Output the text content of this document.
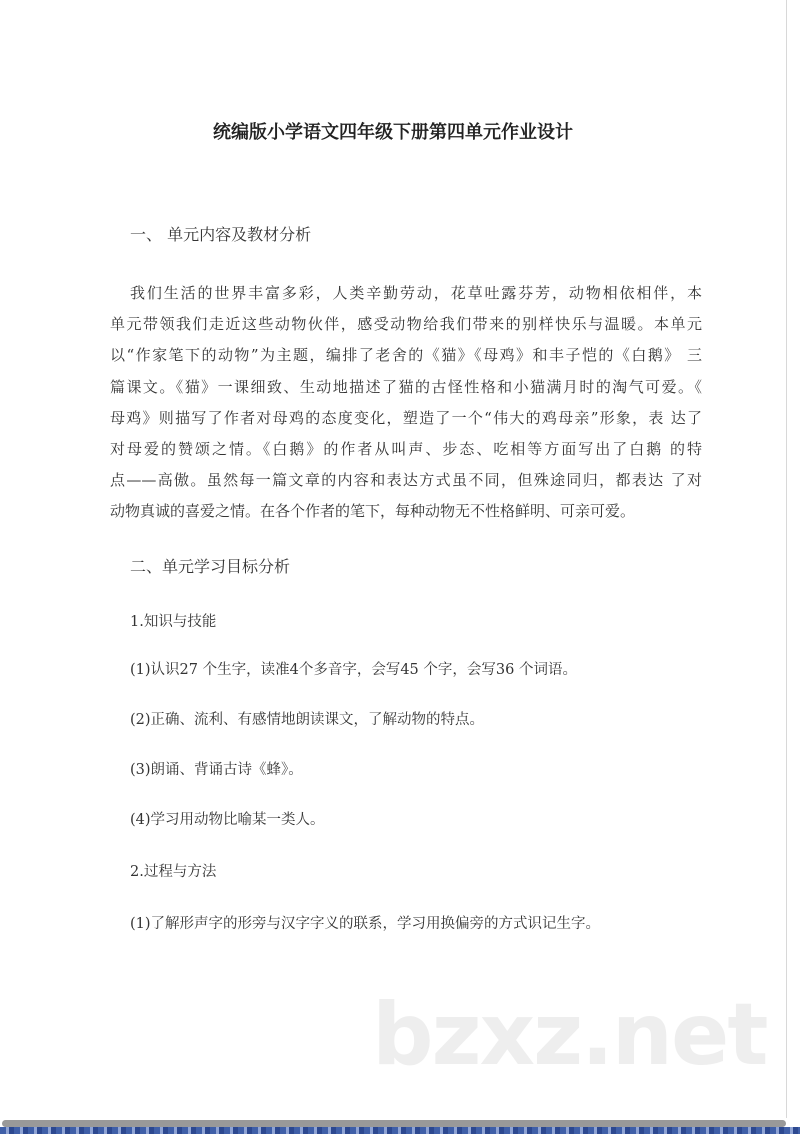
统编版小学语文四年级下册第四单元作业设计
一、 单元内容及教材分析
我们生活的世界丰富多彩，人类辛勤劳动，花草吐露芬芳，动物相依相伴，本
单元带领我们走近这些动物伙伴，感受动物给我们带来的别样快乐与温暖。本单元
以“作家笔下的动物”为主题，编排了老舍的《猫》《母鸡》和丰子恺的《白鹅》 三
篇课文。《猫》一课细致、生动地描述了猫的古怪性格和小猫满月时的淘气可爱。《
母鸡》则描写了作者对母鸡的态度变化，塑造了一个“伟大的鸡母亲”形象，表 达了
对母爱的赞颂之情。《白鹅》的作者从叫声、步态、吃相等方面写出了白鹅 的特
点——高傲。虽然每一篇文章的内容和表达方式虽不同，但殊途同归，都表达 了对
动物真诚的喜爱之情。在各个作者的笔下，每种动物无不性格鲜明、可亲可爱。
二、单元学习目标分析
1.知识与技能
(1)认识27 个生字，读准4个多音字，会写45 个字，会写36 个词语。
(2)正确、流利、有感情地朗读课文，了解动物的特点。
(3)朗诵、背诵古诗《蜂》。
(4)学习用动物比喻某一类人。
2.过程与方法
(1)了解形声字的形旁与汉字字义的联系，学习用换偏旁的方式识记生字。
bzxz.net
